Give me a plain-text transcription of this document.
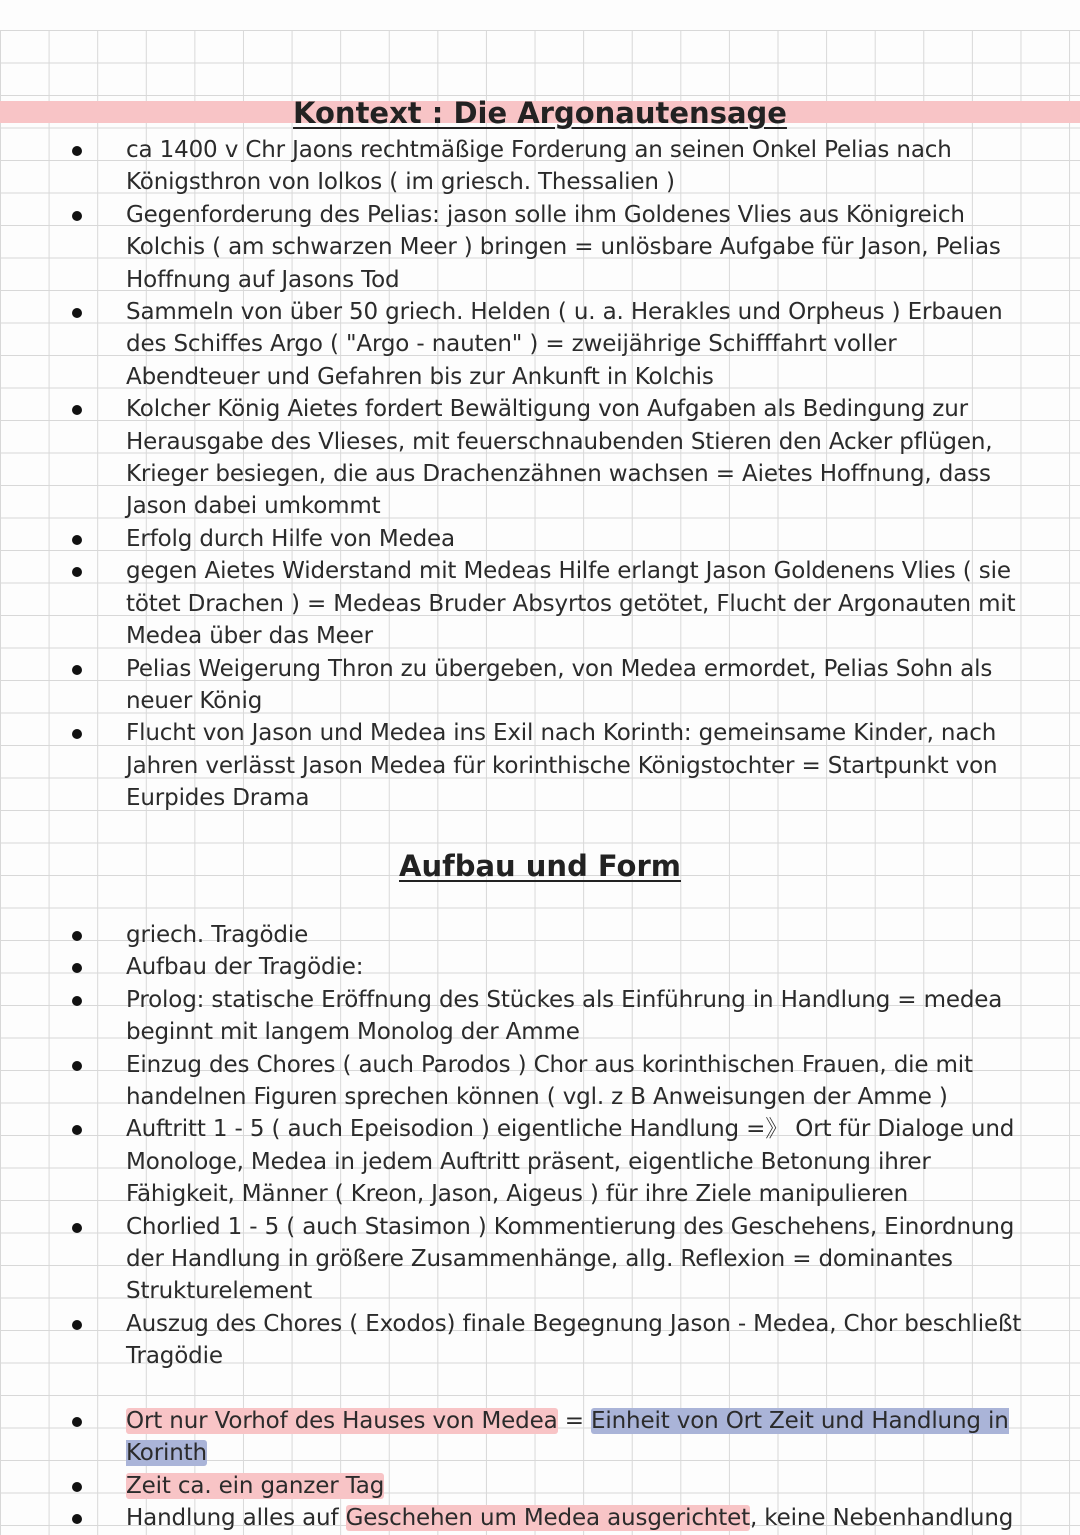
Kontext : Die Argonautensage
ca 1400 v Chr Jaons rechtmäßige Forderung an seinen Onkel Pelias nach Königsthron von Iolkos ( im griesch. Thessalien )
Gegenforderung des Pelias: jason solle ihm Goldenes Vlies aus Königreich Kolchis ( am schwarzen Meer ) bringen = unlösbare Aufgabe für Jason, Pelias Hoffnung auf Jasons Tod
Sammeln von über 50 griech. Helden ( u. a. Herakles und Orpheus ) Erbauen des Schiffes Argo ( "Argo - nauten" ) = zweijährige Schifffahrt voller Abendteuer und Gefahren bis zur Ankunft in Kolchis
Kolcher König Aietes fordert Bewältigung von Aufgaben als Bedingung zur Herausgabe des Vlieses, mit feuerschnaubenden Stieren den Acker pflügen, Krieger besiegen, die aus Drachenzähnen wachsen = Aietes Hoffnung, dass Jason dabei umkommt
Erfolg durch Hilfe von Medea
gegen Aietes Widerstand mit Medeas Hilfe erlangt Jason Goldenens Vlies ( sie tötet Drachen ) = Medeas Bruder Absyrtos getötet, Flucht der Argonauten mit Medea über das Meer
Pelias Weigerung Thron zu übergeben, von Medea ermordet, Pelias Sohn als neuer König
Flucht von Jason und Medea ins Exil nach Korinth: gemeinsame Kinder, nach Jahren verlässt Jason Medea für korinthische Königstochter = Startpunkt von Eurpides Drama
Aufbau und Form
griech. Tragödie
Aufbau der Tragödie:
Prolog: statische Eröffnung des Stückes als Einführung in Handlung = medea beginnt mit langem Monolog der Amme
Einzug des Chores ( auch Parodos ) Chor aus korinthischen Frauen, die mit handelnen Figuren sprechen können ( vgl. z B Anweisungen der Amme )
Auftritt 1 - 5 ( auch Epeisodion ) eigentliche Handlung =》 Ort für Dialoge und Monologe, Medea in jedem Auftritt präsent, eigentliche Betonung ihrer Fähigkeit, Männer ( Kreon, Jason, Aigeus ) für ihre Ziele manipulieren
Chorlied 1 - 5 ( auch Stasimon ) Kommentierung des Geschehens, Einordnung der Handlung in größere Zusammenhänge, allg. Reflexion = dominantes Strukturelement
Auszug des Chores ( Exodos) finale Begegnung Jason - Medea, Chor beschließt Tragödie
Ort nur Vorhof des Hauses von Medea = Einheit von Ort Zeit und Handlung in Korinth
Zeit ca. ein ganzer Tag
Handlung alles auf Geschehen um Medea ausgerichtet, keine Nebenhandlung
